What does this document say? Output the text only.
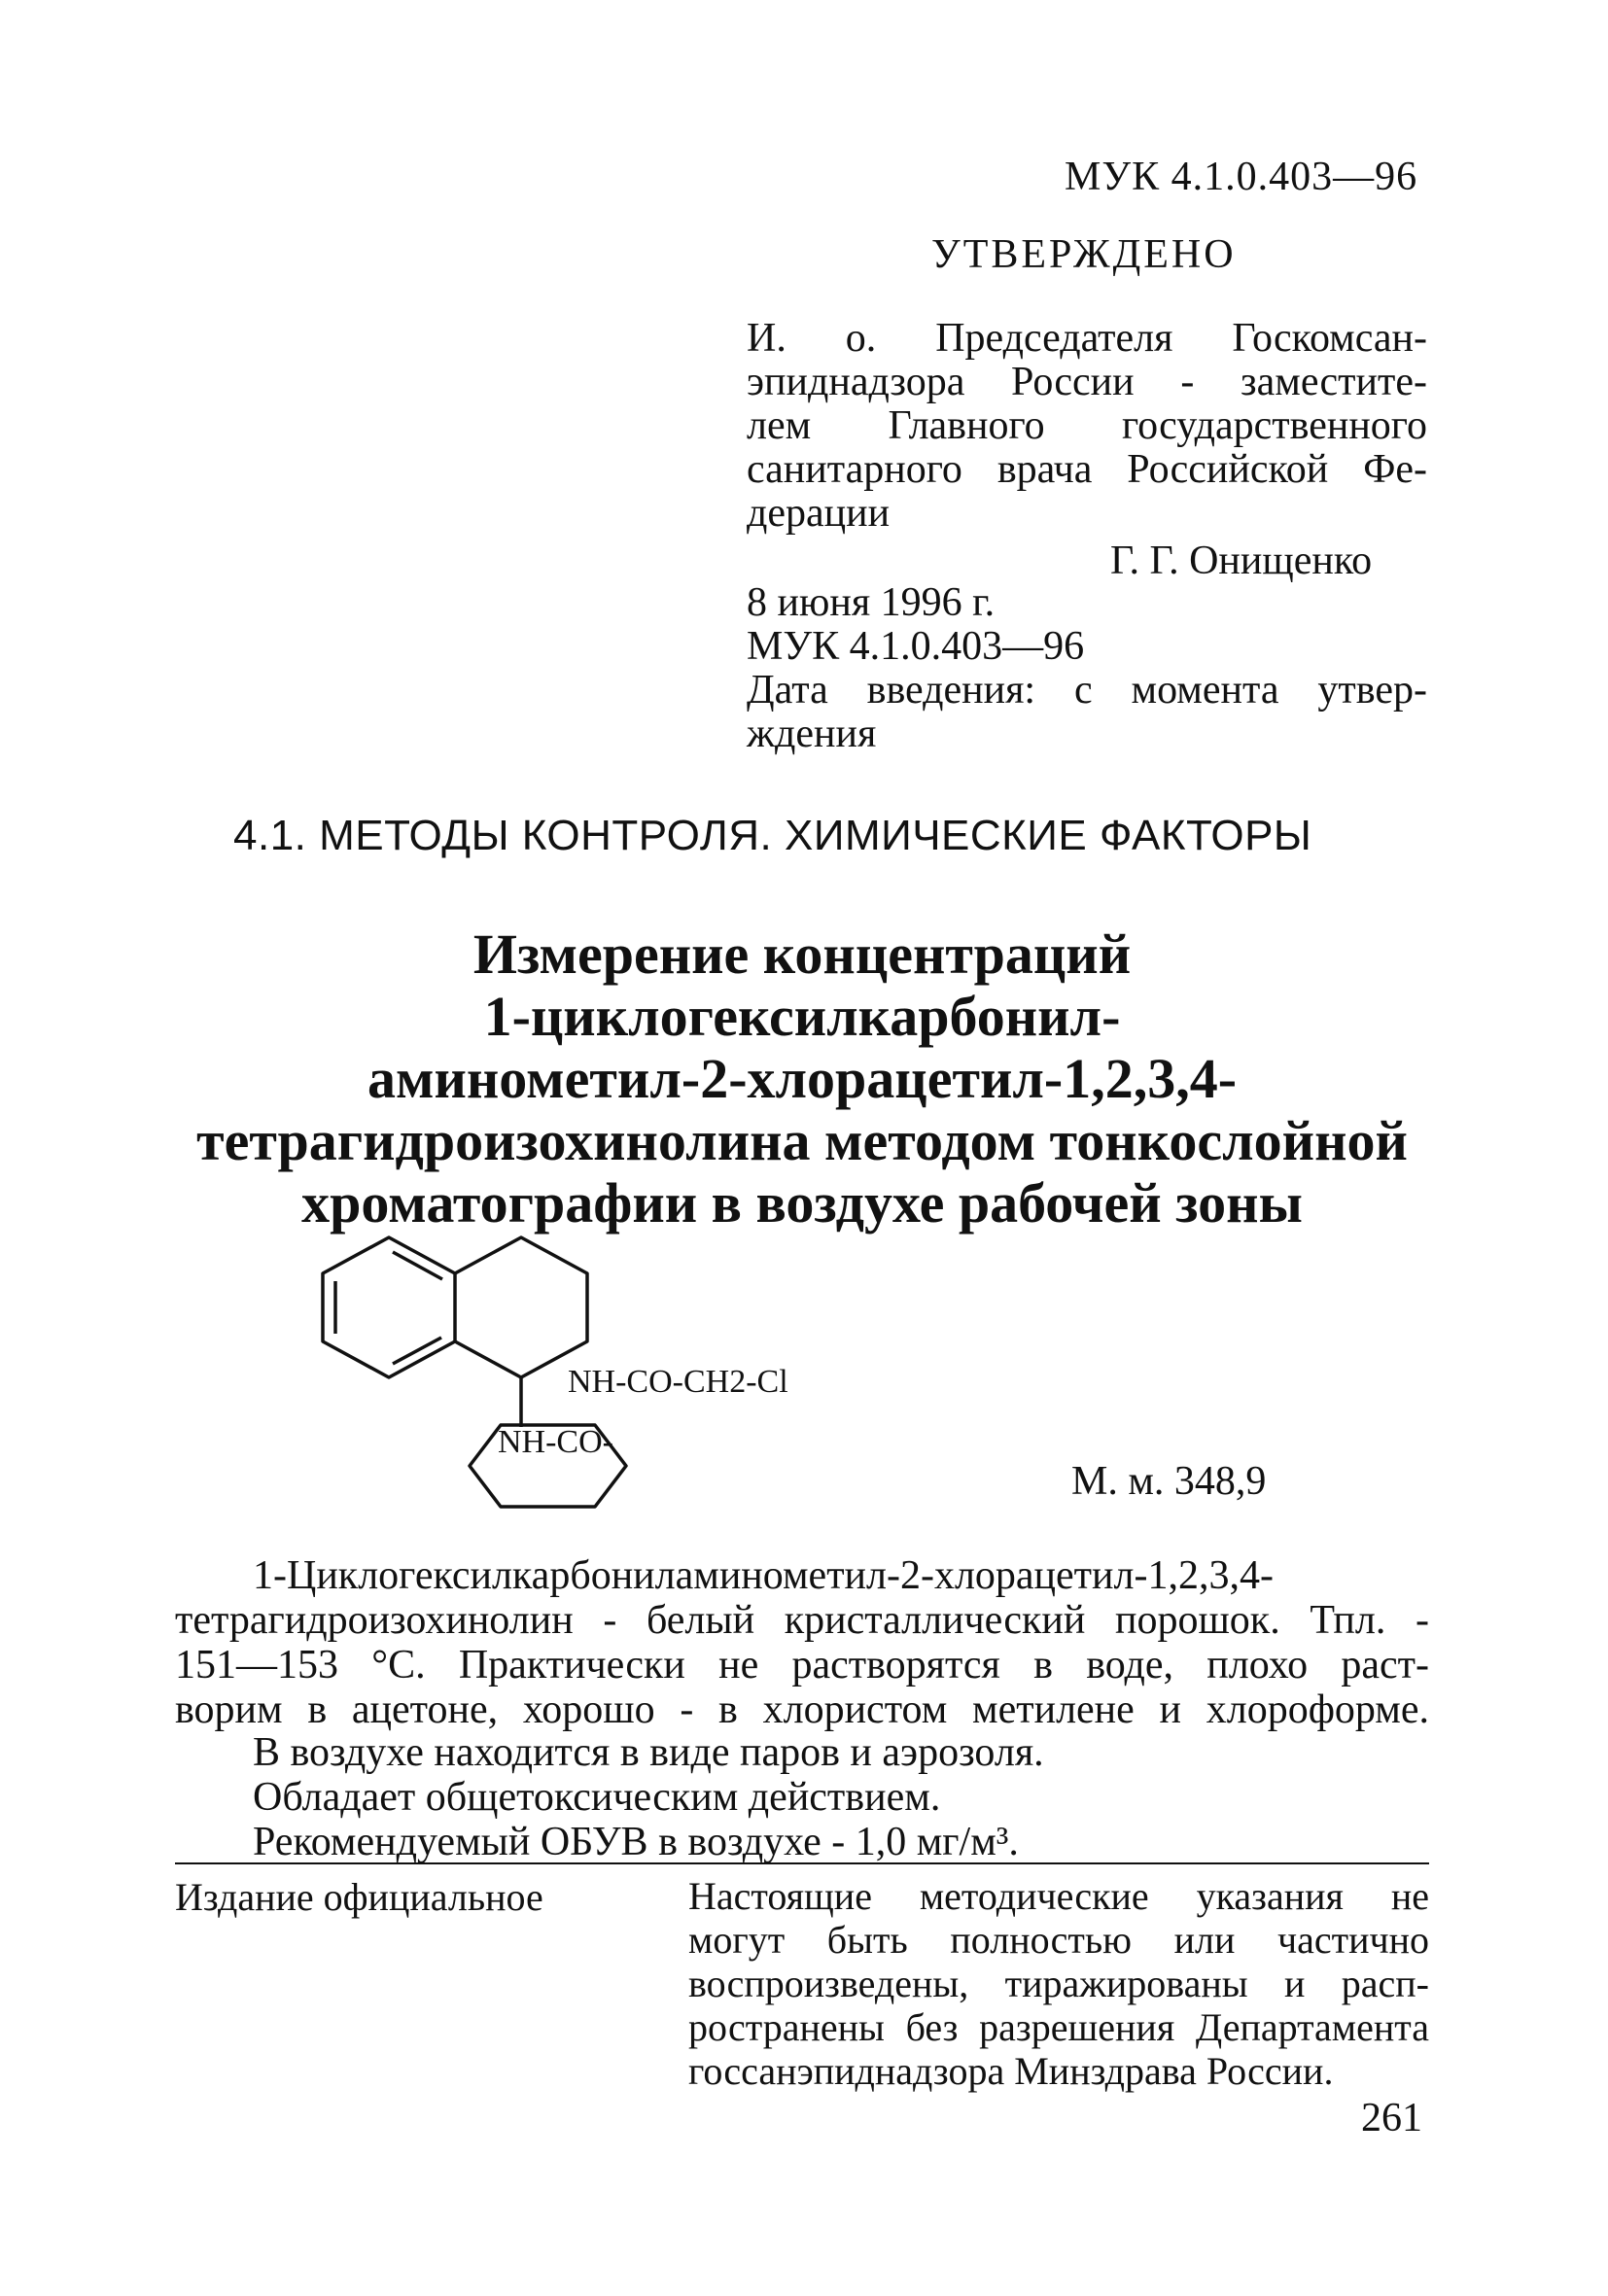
МУК 4.1.0.403—96
УТВЕРЖДЕНО
И. о. Председателя Госкомсан-
эпиднадзора России - заместите-
лем Главного государственного
санитарного врача Российской Фе-
дерации
Г. Г. Онищенко
8 июня 1996 г.
МУК 4.1.0.403—96
Дата введения: с момента утвер-
ждения
4.1. МЕТОДЫ КОНТРОЛЯ. ХИМИЧЕСКИЕ ФАКТОРЫ
Измерение концентраций
1-циклогексилкарбонил-
аминометил-2-хлорацетил-1,2,3,4-
тетрагидроизохинолина методом тонкослойной
хроматографии в воздухе рабочей зоны
NH-CO-CH2-Cl
NH-CO-
М. м. 348,9
1-Циклогексилкарбониламинометил-2-хлорацетил-1,2,3,4-
тетрагидроизохинолин - белый кристаллический порошок. Тпл. -
151—153 °С. Практически не растворятся в воде, плохо раст-
ворим в ацетоне, хорошо - в хлористом метилене и хлороформе.
В воздухе находится в виде паров и аэрозоля.
Обладает общетоксическим действием.
Рекомендуемый ОБУВ в воздухе - 1,0 мг/м³.
Издание официальное	Настоящие методические указания не
могут быть полностью или частично
воспроизведены, тиражированы и расп-
ространены без разрешения Департамента
госсанэпиднадзора Минздрава России.
261
